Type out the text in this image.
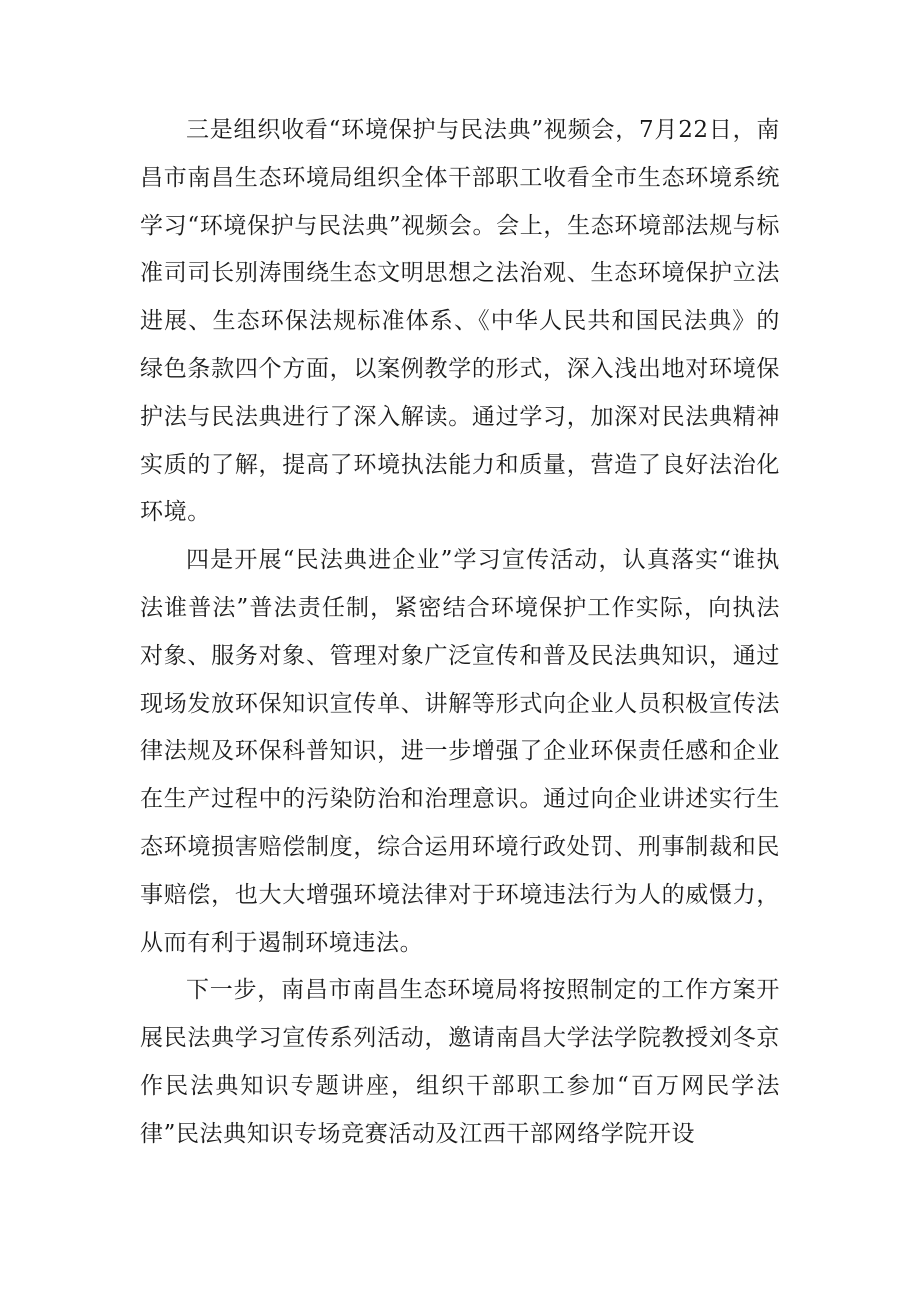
三是组织收看“环境保护与民法典”视频会，7月22日，南昌市南昌生态环境局组织全体干部职工收看全市生态环境系统学习“环境保护与民法典”视频会。会上，生态环境部法规与标准司司长别涛围绕生态文明思想之法治观、生态环境保护立法进展、生态环保法规标准体系、《中华人民共和国民法典》的绿色条款四个方面，以案例教学的形式，深入浅出地对环境保护法与民法典进行了深入解读。通过学习，加深对民法典精神实质的了解，提高了环境执法能力和质量，营造了良好法治化环境。

四是开展“民法典进企业”学习宣传活动，认真落实“谁执法谁普法”普法责任制，紧密结合环境保护工作实际，向执法对象、服务对象、管理对象广泛宣传和普及民法典知识，通过现场发放环保知识宣传单、讲解等形式向企业人员积极宣传法律法规及环保科普知识，进一步增强了企业环保责任感和企业在生产过程中的污染防治和治理意识。通过向企业讲述实行生态环境损害赔偿制度，综合运用环境行政处罚、刑事制裁和民事赔偿，也大大增强环境法律对于环境违法行为人的威慑力，从而有利于遏制环境违法。

下一步，南昌市南昌生态环境局将按照制定的工作方案开展民法典学习宣传系列活动，邀请南昌大学法学院教授刘冬京作民法典知识专题讲座，组织干部职工参加“百万网民学法律”民法典知识专场竞赛活动及江西干部网络学院开设
